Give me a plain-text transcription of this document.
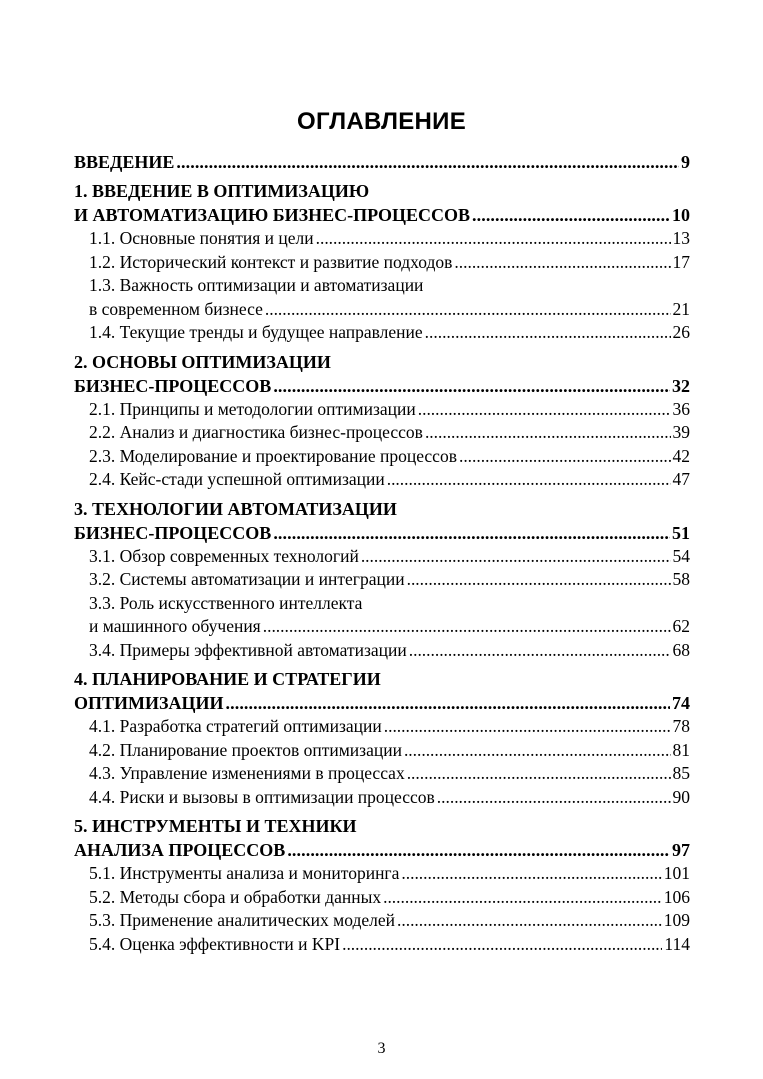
ОГЛАВЛЕНИЕ
ВВЕДЕНИЕ . . .	9
1. ВВЕДЕНИЕ В ОПТИМИЗАЦИЮ
И АВТОМАТИЗАЦИЮ БИЗНЕС-ПРОЦЕССОВ . . .	10
1.1. Основные понятия и цели . . .	13
1.2. Исторический контекст и развитие подходов . . .	17
1.3. Важность оптимизации и автоматизации
в современном бизнесе . . .	21
1.4. Текущие тренды и будущее направление . . .	26
2. ОСНОВЫ ОПТИМИЗАЦИИ
БИЗНЕС-ПРОЦЕССОВ . . .	32
2.1. Принципы и методологии оптимизации . . .	36
2.2. Анализ и диагностика бизнес-процессов . . .	39
2.3. Моделирование и проектирование процессов . . .	42
2.4. Кейс-стади успешной оптимизации . . .	47
3. ТЕХНОЛОГИИ АВТОМАТИЗАЦИИ
БИЗНЕС-ПРОЦЕССОВ . . .	51
3.1. Обзор современных технологий . . .	54
3.2. Системы автоматизации и интеграции . . .	58
3.3. Роль искусственного интеллекта
и машинного обучения . . .	62
3.4. Примеры эффективной автоматизации . . .	68
4. ПЛАНИРОВАНИЕ И СТРАТЕГИИ
ОПТИМИЗАЦИИ . . .	74
4.1. Разработка стратегий оптимизации . . .	78
4.2. Планирование проектов оптимизации . . .	81
4.3. Управление изменениями в процессах . . .	85
4.4. Риски и вызовы в оптимизации процессов . . .	90
5. ИНСТРУМЕНТЫ И ТЕХНИКИ
АНАЛИЗА ПРОЦЕССОВ . . .	97
5.1. Инструменты анализа и мониторинга . . .	101
5.2. Методы сбора и обработки данных . . .	106
5.3. Применение аналитических моделей . . .	109
5.4. Оценка эффективности и KPI . . .	114
3
